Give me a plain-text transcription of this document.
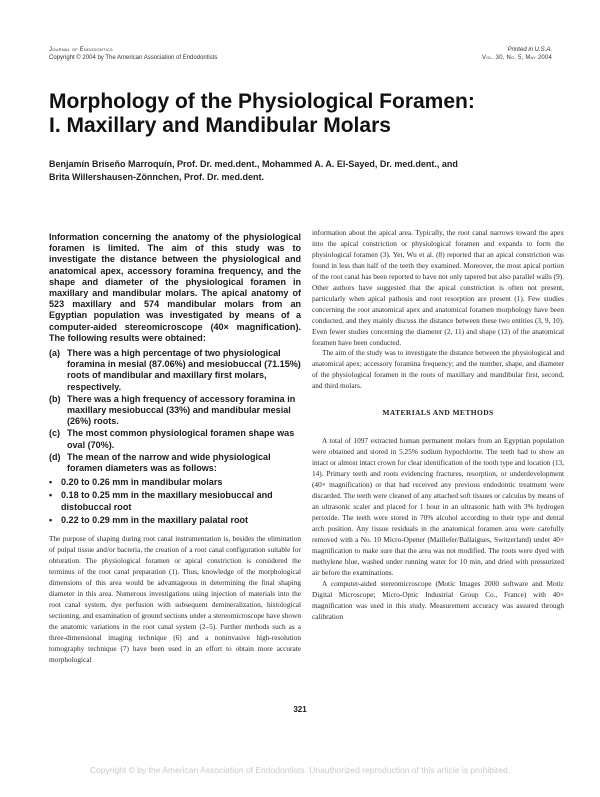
Journal of Endodontics
Copyright © 2004 by The American Association of Endodontists
Printed in U.S.A.
Vol. 30, No. 5, May 2004
Morphology of the Physiological Foramen:
I. Maxillary and Mandibular Molars
Benjamín Briseño Marroquín, Prof. Dr. med.dent., Mohammed A. A. El-Sayed, Dr. med.dent., and
Brita Willershausen-Zönnchen, Prof. Dr. med.dent.

Information concerning the anatomy of the physiological foramen is limited. The aim of this study was to investigate the distance between the physiological and anatomical apex, accessory foramina frequency, and the shape and diameter of the physiological foramen in maxillary and mandibular molars. The apical anatomy of 523 maxillary and 574 mandibular molars from an Egyptian population was investigated by means of a computer-aided stereomicroscope (40× magnification). The following results were obtained:

(a) There was a high percentage of two physiological foramina in mesial (87.06%) and mesiobuccal (71.15%) roots of mandibular and maxillary first molars, respectively.
(b) There was a high frequency of accessory foramina in maxillary mesiobuccal (33%) and mandibular mesial (26%) roots.
(c) The most common physiological foramen shape was oval (70%).
(d) The mean of the narrow and wide physiological foramen diameters was as follows:
• 0.20 to 0.26 mm in mandibular molars
• 0.18 to 0.25 mm in the maxillary mesiobuccal and distobuccal root
• 0.22 to 0.29 mm in the maxillary palatal root

The purpose of shaping during root canal instrumentation is, besides the elimination of pulpal tissue and/or bacteria, the creation of a root canal configuration suitable for obturation. The physiological foramen or apical constriction is considered the terminus of the root canal preparation (1). Thus, knowledge of the morphological dimensions of this area would be advantageous in determining the final shaping diameter in this area. Numerous investigations using injection of materials into the root canal system, dye perfusion with subsequent demineralization, histological sectioning, and examination of ground sections under a stereomicroscope have shown the anatomic variations in the root canal system (2–5). Further methods such as a three-dimensional imaging technique (6) and a noninvasive high-resolution tomography technique (7) have been used in an effort to obtain more accurate morphological

information about the apical area. Typically, the root canal narrows toward the apex into the apical constriction or physiological foramen and expands to form the physiological foramen (3). Yet, Wu et al. (8) reported that an apical constriction was found in less than half of the teeth they examined. Moreover, the most apical portion of the root canal has been reported to have not only tapered but also parallel walls (9). Other authors have suggested that the apical constriction is often not present, particularly when apical pathosis and root resorption are present (1). Few studies concerning the root anatomical apex and anatomical foramen morphology have been conducted, and they mainly discuss the distance between these two entities (3, 9, 10). Even fewer studies concerning the diameter (2, 11) and shape (12) of the anatomical foramen have been conducted.

The aim of the study was to investigate the distance between the physiological and anatomical apex; accessory foramina frequency; and the number, shape, and diameter of the physiological foramen in the roots of maxillary and mandibular first, second, and third molars.

MATERIALS AND METHODS

A total of 1097 extracted human permanent molars from an Egyptian population were obtained and stored in 5.25% sodium hypochlorite. The teeth had to show an intact or almost intact crown for clear identification of the tooth type and location (13, 14). Primary teeth and roots evidencing fractures, resorption, or underdevelopment (40× magnification) or that had received any previous endodontic treatment were discarded. The teeth were cleaned of any attached soft tissues or calculus by means of an ultrasonic scaler and placed for 1 hour in an ultrasonic bath with 3% hydrogen peroxide. The teeth were stored in 70% alcohol according to their type and dental arch position. Any tissue residuals in the anatomical foramen area were carefully removed with a No. 10 Micro-Opener (Maillefer/Ballaigues, Switzerland) under 40× magnification to make sure that the area was not modified. The roots were dyed with methylene blue, washed under running water for 10 min, and dried with pressurized air before the examinations.

A computer-aided stereomicroscope (Motic Images 2000 software and Motic Digital Microscope; Micro-Optic Industrial Group Co., France) with 40× magnification was used in this study. Measurement accuracy was assured through calibration

321
Copyright © by the American Association of Endodontists. Unauthorized reproduction of this article is prohibited.
